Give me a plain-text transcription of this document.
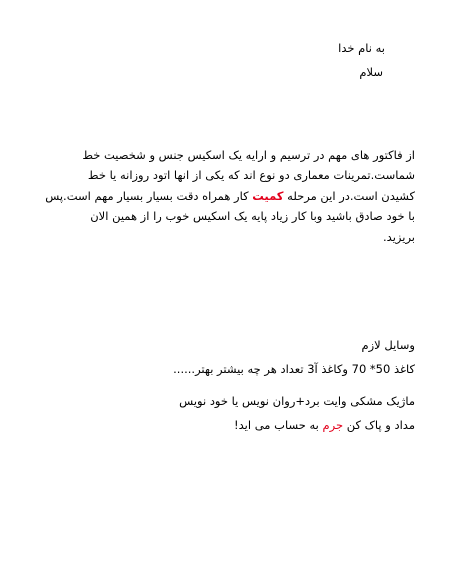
به نام خدا
سلام
از فاکتور های مهم در ترسیم و ارایه یک اسکیس جنس و شخصیت خط
شماست.تمرینات معماری دو نوع اند که یکی از انها اتود روزانه یا خط
کشیدن است.در این مرحله کمیت کار همراه دقت بسیار بسیار مهم است.پس
با خود صادق باشید وبا کار زیاد پایه یک اسکیس خوب را از همین الان
بریزید.
وسایل لازم
کاغذ 50* 70 وکاغذ آ3 تعداد هر چه بیشتر بهتر......
ماژیک مشکی وایت برد+روان نویس یا خود نویس
مداد و پاک کن جرم به حساب می اید!
